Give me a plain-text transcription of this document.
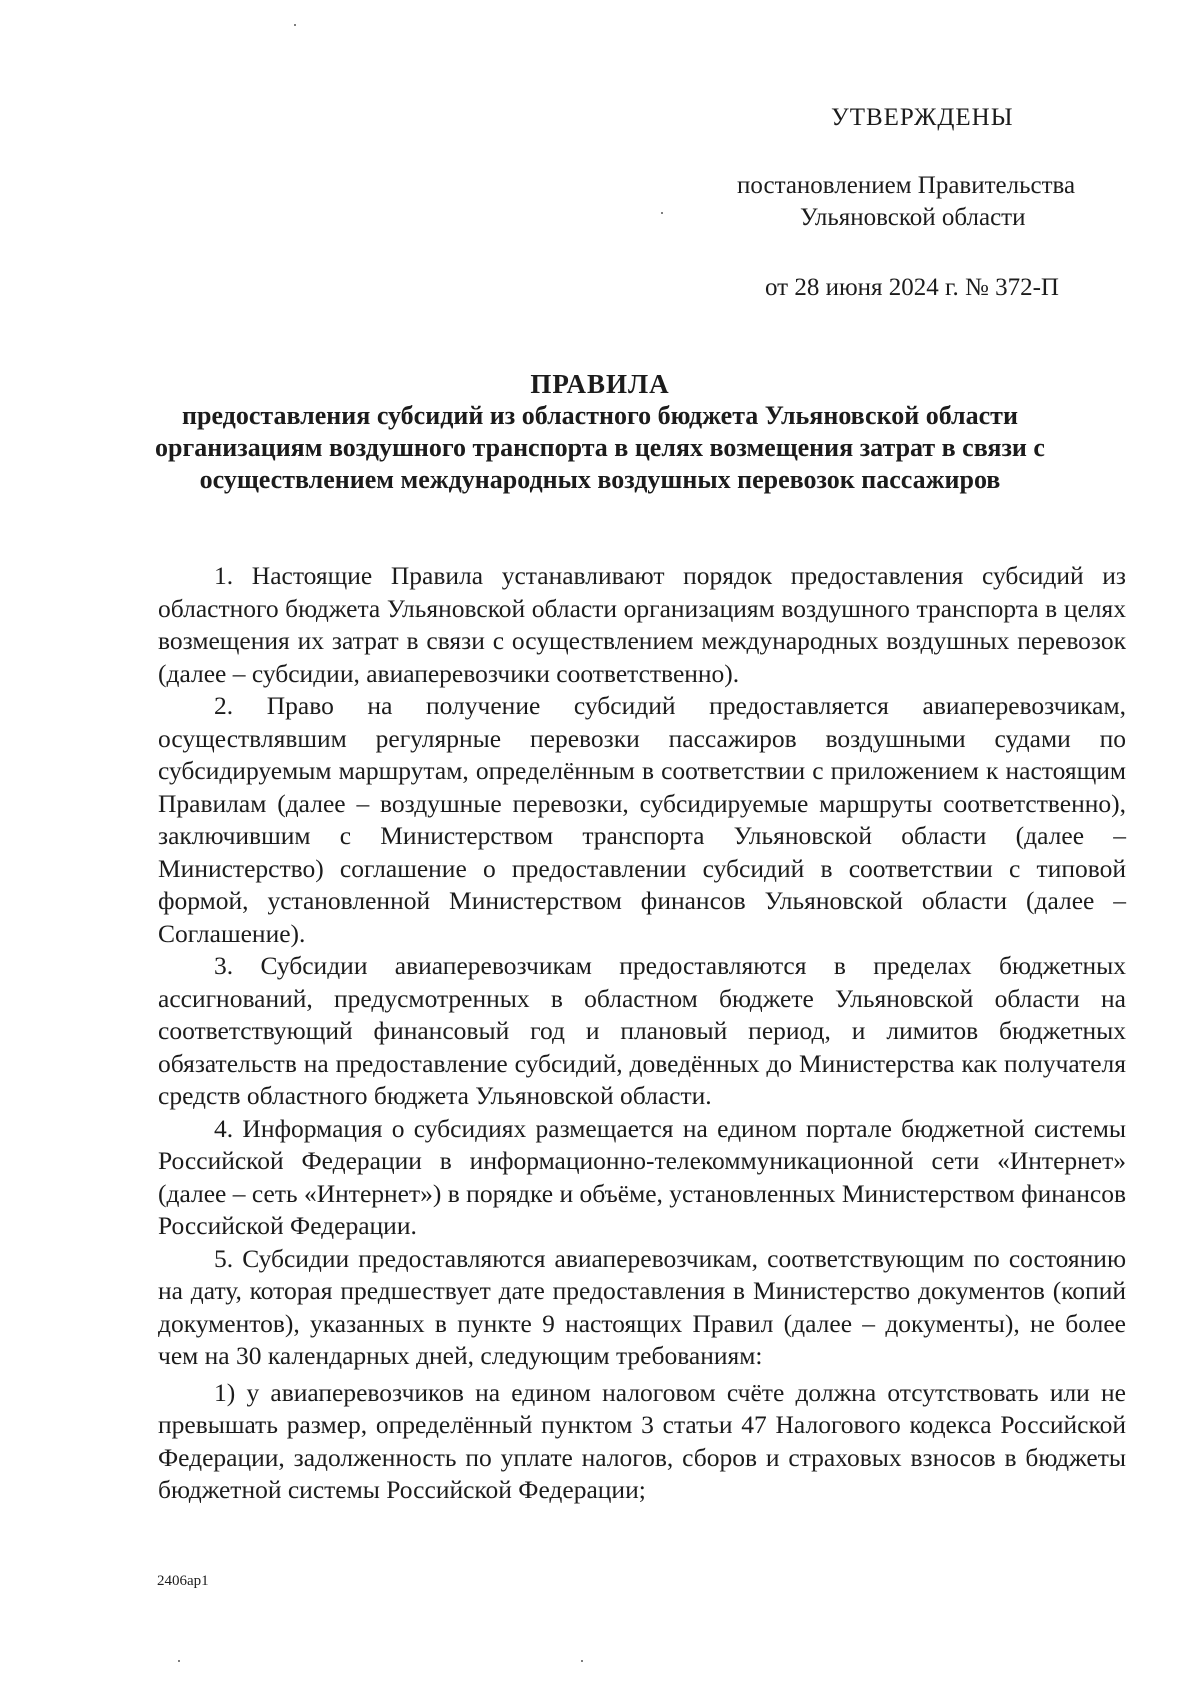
УТВЕРЖДЕНЫ
постановлением Правительства
Ульяновской области
от 28 июня 2024 г. № 372-П
ПРАВИЛА
предоставления субсидий из областного бюджета Ульяновской области организациям воздушного транспорта в целях возмещения затрат в связи с осуществлением международных воздушных перевозок пассажиров

1. Настоящие Правила устанавливают порядок предоставления субсидий из областного бюджета Ульяновской области организациям воздушного транспорта в целях возмещения их затрат в связи с осуществлением международных воздушных перевозок (далее – субсидии, авиаперевозчики соответственно).

2. Право на получение субсидий предоставляется авиаперевозчикам, осуществлявшим регулярные перевозки пассажиров воздушными судами по субсидируемым маршрутам, определённым в соответствии с приложением к настоящим Правилам (далее – воздушные перевозки, субсидируемые маршруты соответственно), заключившим с Министерством транспорта Ульяновской области (далее – Министерство) соглашение о предоставлении субсидий в соответствии с типовой формой, установленной Министерством финансов Ульяновской области (далее – Соглашение).

3. Субсидии авиаперевозчикам предоставляются в пределах бюджетных ассигнований, предусмотренных в областном бюджете Ульяновской области на соответствующий финансовый год и плановый период, и лимитов бюджетных обязательств на предоставление субсидий, доведённых до Министерства как получателя средств областного бюджета Ульяновской области.

4. Информация о субсидиях размещается на едином портале бюджетной системы Российской Федерации в информационно-телекоммуникационной сети «Интернет» (далее – сеть «Интернет») в порядке и объёме, установленных Министерством финансов Российской Федерации.

5. Субсидии предоставляются авиаперевозчикам, соответствующим по состоянию на дату, которая предшествует дате предоставления в Министерство документов (копий документов), указанных в пункте 9 настоящих Правил (далее – документы), не более чем на 30 календарных дней, следующим требованиям:

1) у авиаперевозчиков на едином налоговом счёте должна отсутствовать или не превышать размер, определённый пунктом 3 статьи 47 Налогового кодекса Российской Федерации, задолженность по уплате налогов, сборов и страховых взносов в бюджеты бюджетной системы Российской Федерации;

2406ap1
